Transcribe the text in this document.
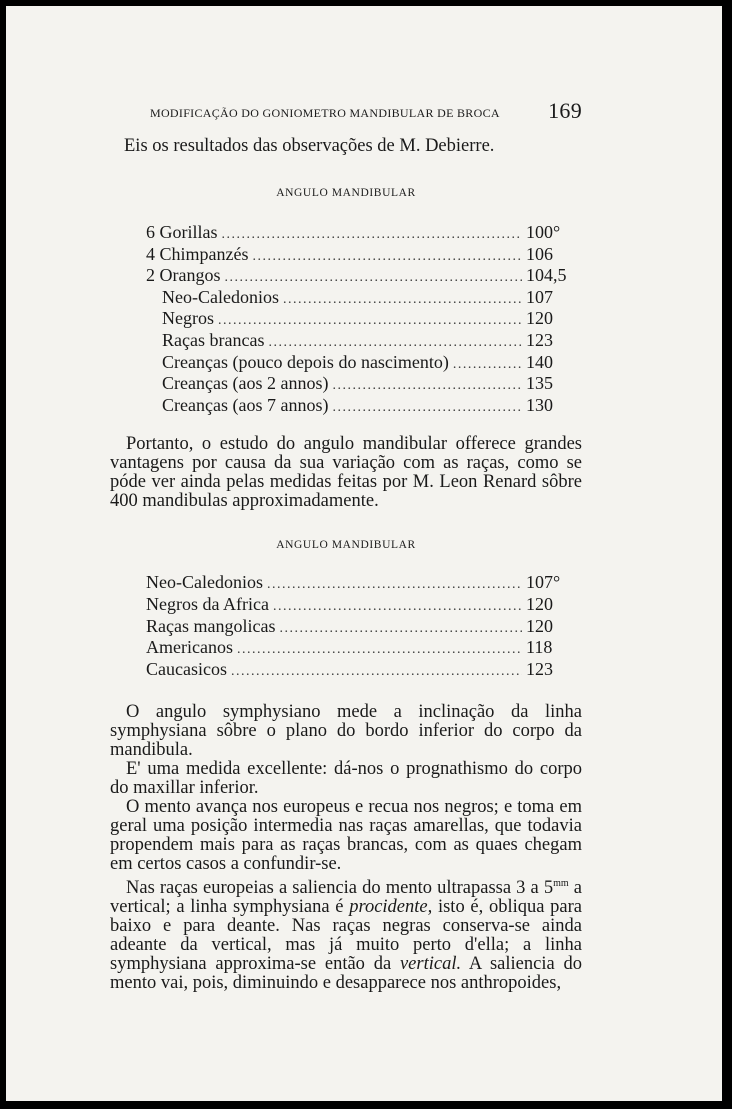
MODIFICAÇÃO DO GONIOMETRO MANDIBULAR DE BROCA 169

Eis os resultados das observações de M. Debierre.

ANGULO MANDIBULAR
6 Gorillas .....	100°
4 Chimpanzés .....	106
2 Orangos .....	104,5
Neo-Caledonios .....	107
Negros .....	120
Raças brancas .....	123
Creanças (pouco depois do nascimento) .....	140
Creanças (aos 2 annos) .....	135
Creanças (aos 7 annos) .....	130

Portanto, o estudo do angulo mandibular offerece grandes vantagens por causa da sua variação com as raças, como se póde ver ainda pelas medidas feitas por M. Leon Renard sôbre 400 mandibulas approximadamente.

ANGULO MANDIBULAR
Neo-Caledonios .....	107°
Negros da Africa .....	120
Raças mangolicas .....	120
Americanos .....	118
Caucasicos .....	123

O angulo symphysiano mede a inclinação da linha symphysiana sôbre o plano do bordo inferior do corpo da mandibula.

E' uma medida excellente: dá-nos o prognathismo do corpo do maxillar inferior.

O mento avança nos europeus e recua nos negros; e toma em geral uma posição intermedia nas raças amarellas, que todavia propendem mais para as raças brancas, com as quaes chegam em certos casos a confundir-se.

Nas raças europeias a saliencia do mento ultrapassa 3 a $5^{mm}$ a vertical; a linha symphysiana é procidente, isto é, obliqua para baixo e para deante. Nas raças negras conserva-se ainda adeante da vertical, mas já muito perto d'ella; a linha symphysiana approxima-se então da vertical. A saliencia do mento vai, pois, diminuindo e desapparece nos anthropoides,
